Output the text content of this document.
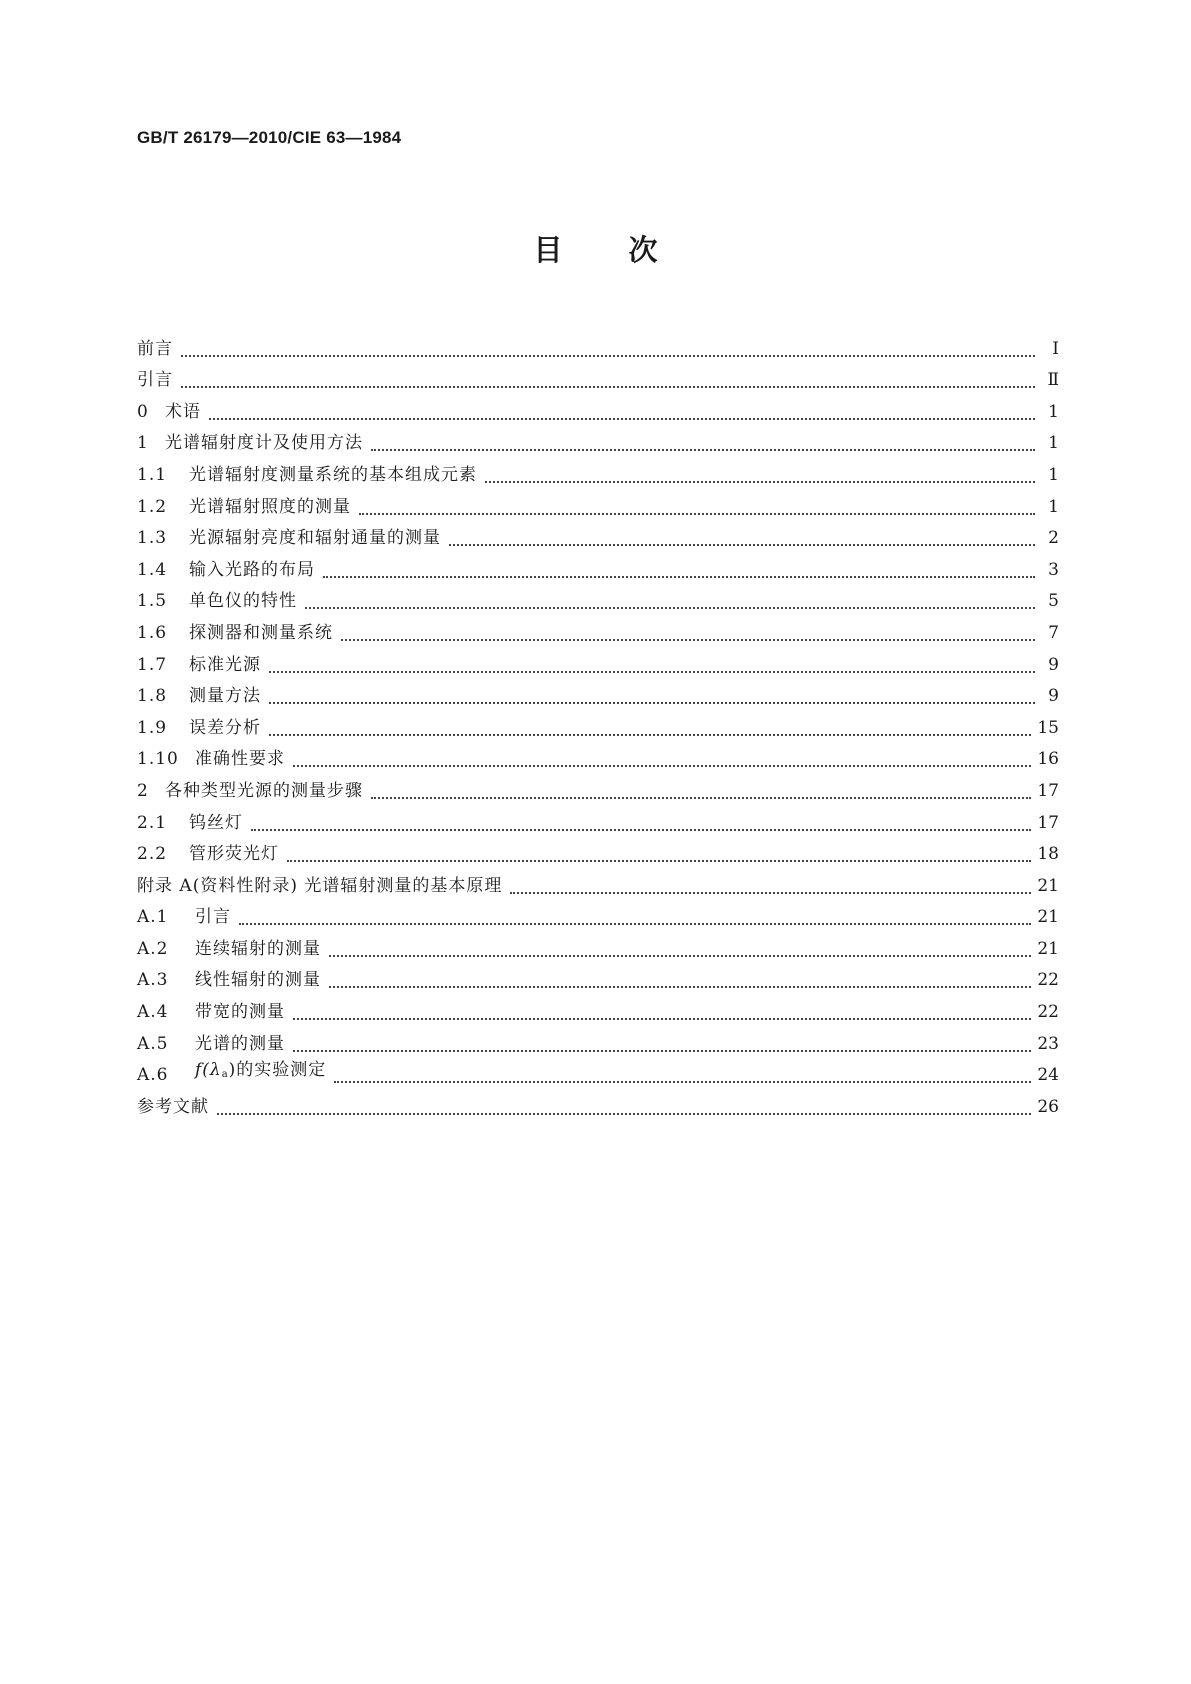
GB/T 26179—2010/CIE 63—1984
目次
前言	Ⅰ
引言	Ⅱ
0 术语	1
1 光谱辐射度计及使用方法	1
1.1	光谱辐射度测量系统的基本组成元素	1
1.2	光谱辐射照度的测量	1
1.3	光源辐射亮度和辐射通量的测量	2
1.4	输入光路的布局	3
1.5	单色仪的特性	5
1.6	探测器和测量系统	7
1.7	标准光源	9
1.8	测量方法	9
1.9	误差分析	15
1.10 准确性要求	16
2 各种类型光源的测量步骤	17
2.1	钨丝灯	17
2.2	管形荧光灯	18
附录 A (资料性附录) 光谱辐射测量的基本原理	21
A.1	引言	21
A.2	连续辐射的测量	21
A.3	线性辐射的测量	22
A.4	带宽的测量	22
A.5	光谱的测量	23
A.6	$f(\lambda_a)$的实验测定	24
参考文献	26
